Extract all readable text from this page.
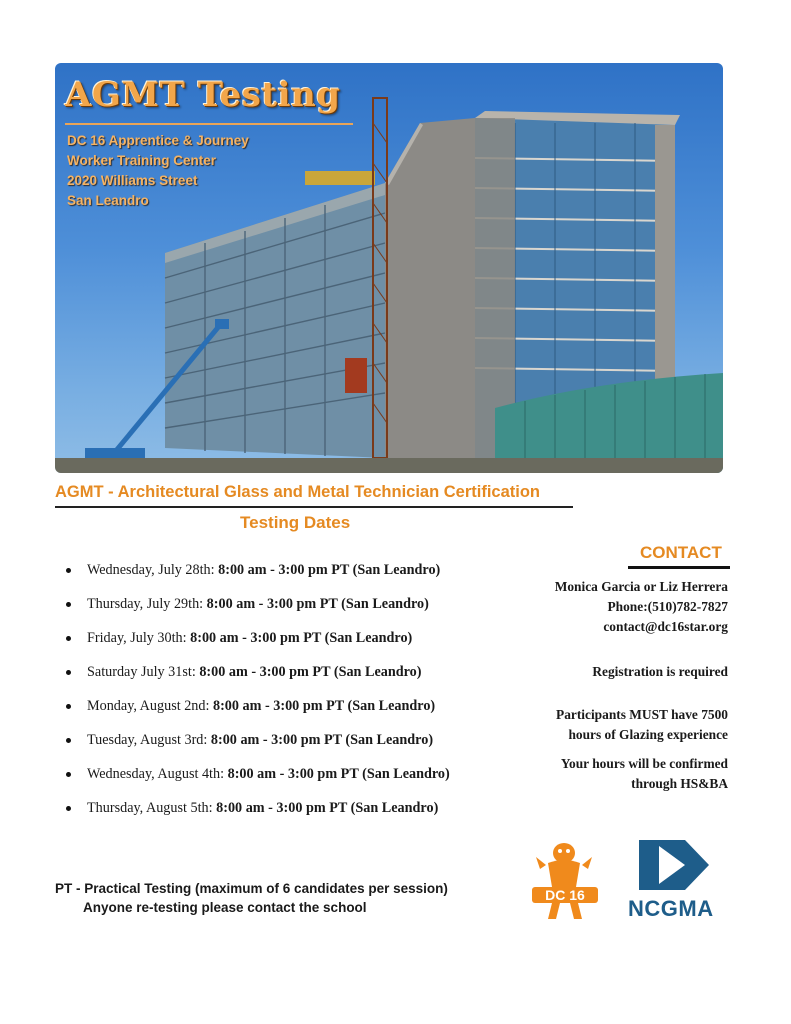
AGMT Testing
DC 16 Apprentice & Journey
Worker Training Center
2020 Williams Street
San Leandro
AGMT - Architectural Glass and Metal Technician Certification
Testing Dates
Wednesday, July 28th:
8:00 am - 3:00 pm PT (San Leandro)
Thursday, July 29th:
8:00 am - 3:00 pm PT (San Leandro)
Friday, July 30th:
8:00 am - 3:00 pm PT (San Leandro)
Saturday July 31st:
8:00 am - 3:00 pm PT (San Leandro)
Monday, August 2nd:
8:00 am - 3:00 pm PT (San Leandro)
Tuesday, August 3rd:
8:00 am - 3:00 pm PT (San Leandro)
Wednesday, August 4th:
8:00 am - 3:00 pm PT (San Leandro)
Thursday, August 5th:
8:00 am - 3:00 pm PT (San Leandro)
CONTACT
Monica Garcia or Liz Herrera
Phone:(510)782-7827
contact@dc16star.org
Registration is required
Participants MUST have 7500
hours of Glazing experience
Your hours will be confirmed
through HS&BA
PT - Practical Testing (maximum of 6 candidates per session)
Anyone re-testing please contact the school
DC 16
NCGMA
